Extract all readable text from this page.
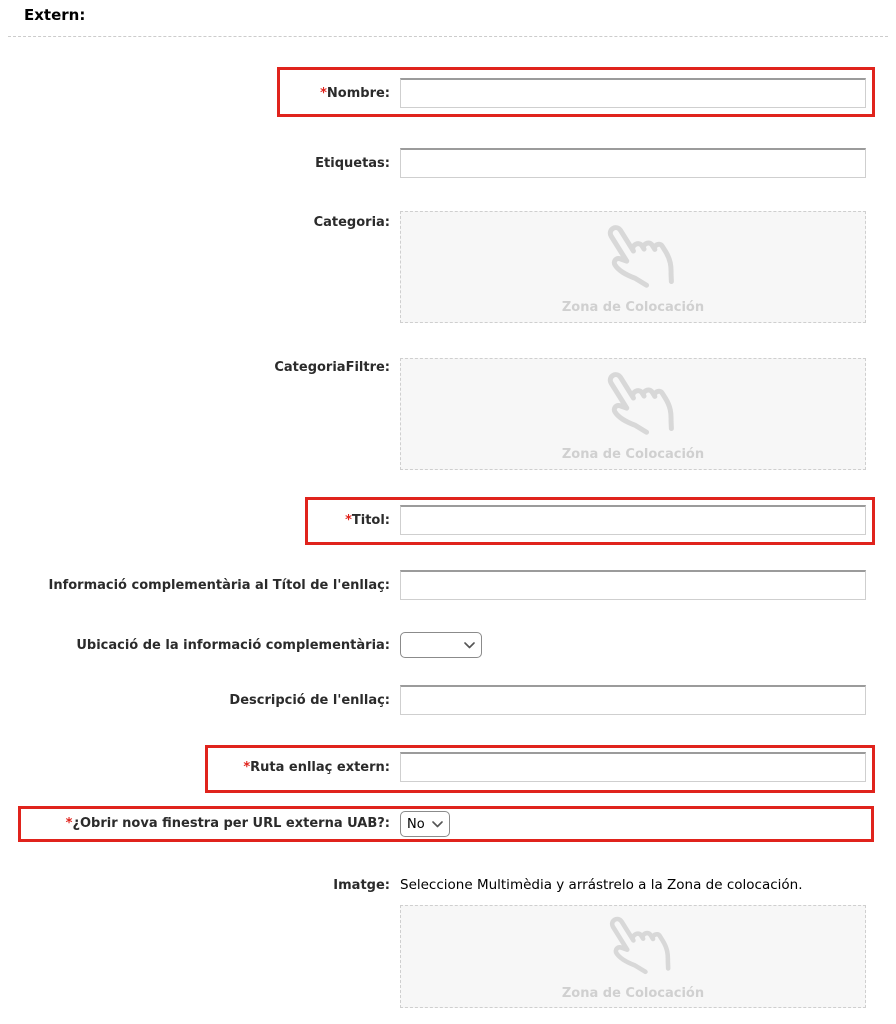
Extern:
*Nombre:
Etiquetas:
Categoria:
Zona de Colocación
CategoriaFiltre:
Zona de Colocación
*Titol:
Informació complementària al Títol de l'enllaç:
Ubicació de la informació complementària:
Descripció de l'enllaç:
*Ruta enllaç extern:
*¿Obrir nova finestra per URL externa UAB?: No
Imatge: Seleccione Multimèdia y arrástrelo a la Zona de colocación.
Zona de Colocación
